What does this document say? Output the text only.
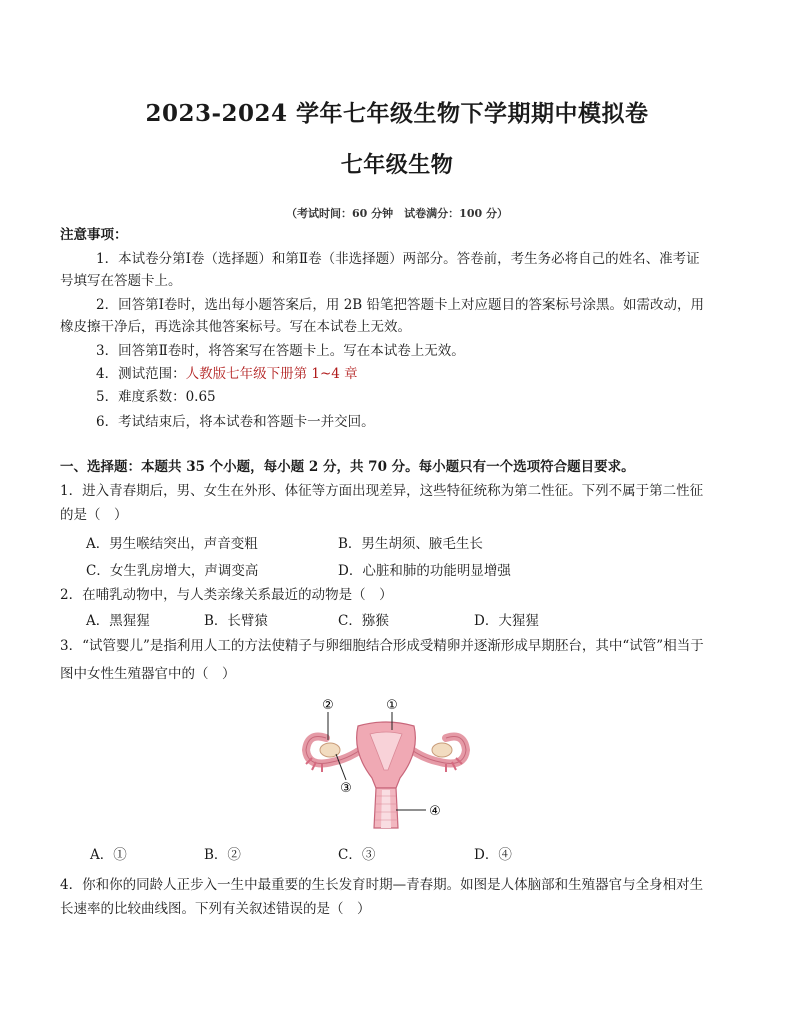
2023-2024 学年七年级生物下学期期中模拟卷
七年级生物
（考试时间：60 分钟　试卷满分：100 分）
注意事项：
1．本试卷分第Ⅰ卷（选择题）和第Ⅱ卷（非选择题）两部分。答卷前，考生务必将自己的姓名、准考证
号填写在答题卡上。
2．回答第Ⅰ卷时，选出每小题答案后，用 2B 铅笔把答题卡上对应题目的答案标号涂黑。如需改动，用
橡皮擦干净后，再选涂其他答案标号。写在本试卷上无效。
3．回答第Ⅱ卷时，将答案写在答题卡上。写在本试卷上无效。
4．测试范围：人教版七年级下册第 1~4 章
5．难度系数：0.65
6．考试结束后，将本试卷和答题卡一并交回。
一、选择题：本题共 35 个小题，每小题 2 分，共 70 分。每小题只有一个选项符合题目要求。
1．进入青春期后，男、女生在外形、体征等方面出现差异，这些特征统称为第二性征。下列不属于第二性征
的是（　）
A．男生喉结突出，声音变粗	B．男生胡须、腋毛生长
C．女生乳房增大，声调变高	D．心脏和肺的功能明显增强
2．在哺乳动物中，与人类亲缘关系最近的动物是（　）
A．黑猩猩	B．长臂猿	C．猕猴	D．大猩猩
3．“试管婴儿”是指利用人工的方法使精子与卵细胞结合形成受精卵并逐渐形成早期胚台，其中“试管”相当于
图中女性生殖器官中的（　）
②	①
③
④
A．①	B．②	C．③	D．④
4．你和你的同龄人正步入一生中最重要的生长发育时期—青春期。如图是人体脑部和生殖器官与全身相对生
长速率的比较曲线图。下列有关叙述错误的是（　）
